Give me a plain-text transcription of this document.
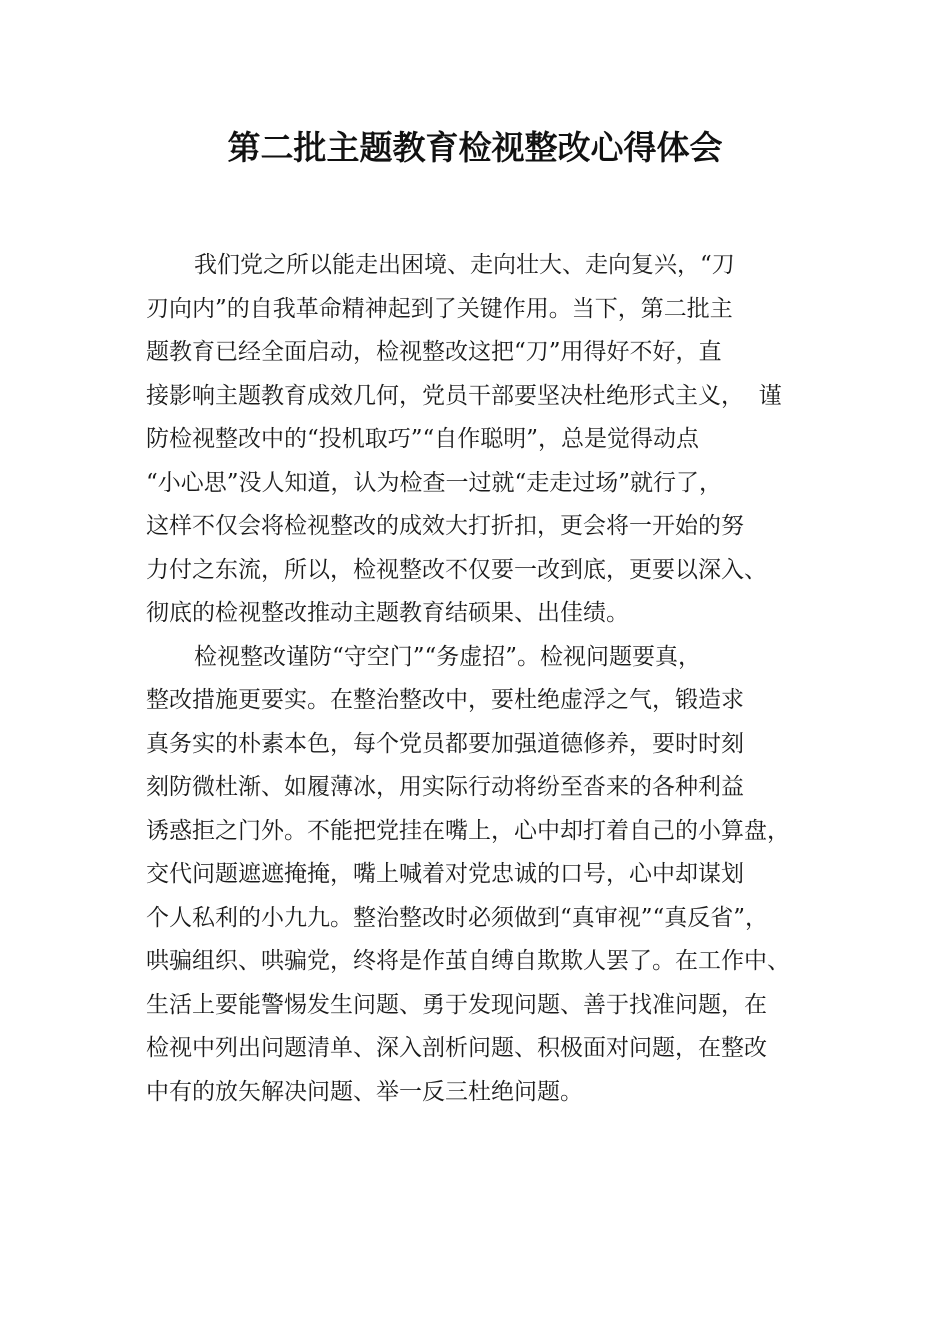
第二批主题教育检视整改心得体会
我们党之所以能走出困境、走向壮大、走向复兴，“刀
刃向内”的自我革命精神起到了关键作用。当下，第二批主
题教育已经全面启动，检视整改这把“刀”用得好不好，直
接影响主题教育成效几何，党员干部要坚决杜绝形式主义，  谨
防检视整改中的“投机取巧”“自作聪明”，总是觉得动点
“小心思”没人知道，认为检查一过就“走走过场”就行了，
这样不仅会将检视整改的成效大打折扣，更会将一开始的努
力付之东流，所以，检视整改不仅要一改到底，更要以深入、
彻底的检视整改推动主题教育结硕果、出佳绩。
检视整改谨防“守空门”“务虚招”。检视问题要真，
整改措施更要实。在整治整改中，要杜绝虚浮之气，锻造求
真务实的朴素本色，每个党员都要加强道德修养，要时时刻
刻防微杜渐、如履薄冰，用实际行动将纷至沓来的各种利益
诱惑拒之门外。不能把党挂在嘴上，心中却打着自己的小算盘，
交代问题遮遮掩掩，嘴上喊着对党忠诚的口号，心中却谋划
个人私利的小九九。整治整改时必须做到“真审视”“真反省”，
哄骗组织、哄骗党，终将是作茧自缚自欺欺人罢了。在工作中、
生活上要能警惕发生问题、勇于发现问题、善于找准问题，在
检视中列出问题清单、深入剖析问题、积极面对问题，在整改
中有的放矢解决问题、举一反三杜绝问题。
